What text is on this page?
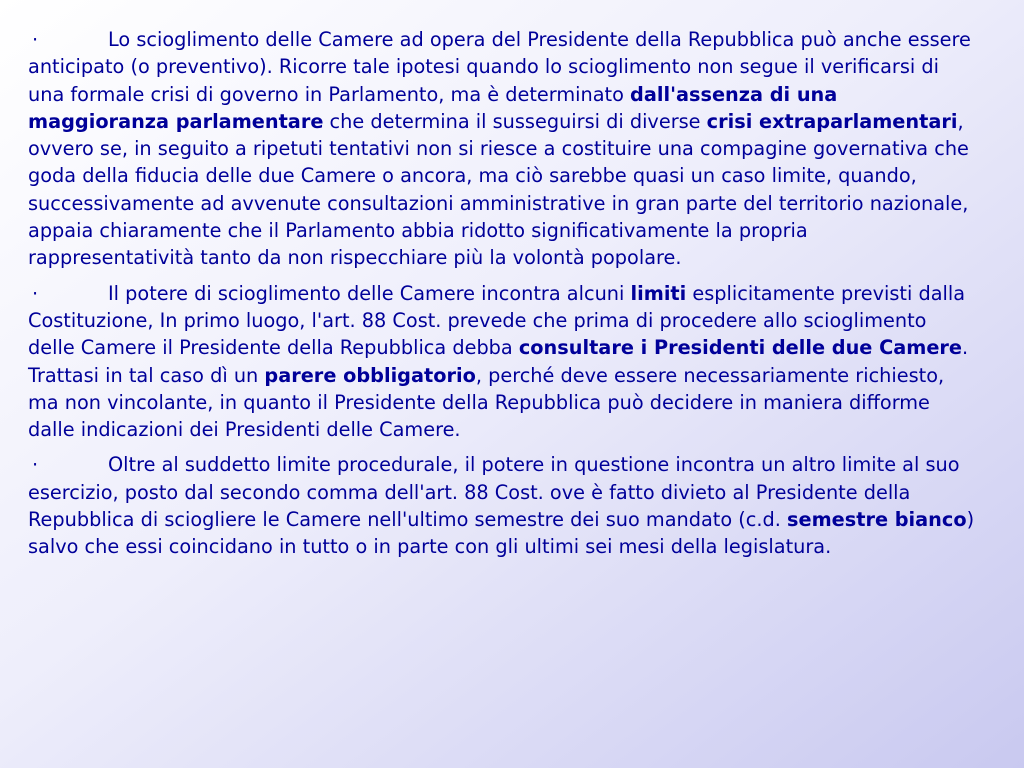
·	Lo scioglimento delle Camere ad opera del Presidente della Repubblica può anche essere anticipato (o preventivo). Ricorre tale ipotesi quando lo scioglimento non segue il verificarsi di una formale crisi di governo in Parlamento, ma è determinato dall'assenza di una maggioranza parlamentare che determina il susseguirsi di diverse crisi extraparlamentari, ovvero se, in seguito a ripetuti tentativi non si riesce a costituire una compagine governativa che goda della fiducia delle due Camere o ancora, ma ciò sarebbe quasi un caso limite, quando, successivamente ad avvenute consultazioni amministrative in gran parte del territorio nazionale, appaia chiaramente che il Parlamento abbia ridotto significativamente la propria rappresentatività tanto da non rispecchiare più la volontà popolare.

·	Il potere di scioglimento delle Camere incontra alcuni limiti esplicitamente previsti dalla Costituzione, In primo luogo, l'art. 88 Cost. prevede che prima di procedere allo scioglimento delle Camere il Presidente della Repubblica debba consultare i Presidenti delle due Camere. Trattasi in tal caso dì un parere obbligatorio, perché deve essere necessariamente richiesto, ma non vincolante, in quanto il Presidente della Repubblica può decidere in maniera difforme dalle indicazioni dei Presidenti delle Camere.

·	Oltre al suddetto limite procedurale, il potere in questione incontra un altro limite al suo esercizio, posto dal secondo comma dell'art. 88 Cost. ove è fatto divieto al Presidente della Repubblica di sciogliere le Camere nell'ultimo semestre dei suo mandato (c.d. semestre bianco) salvo che essi coincidano in tutto o in parte con gli ultimi sei mesi della legislatura.
